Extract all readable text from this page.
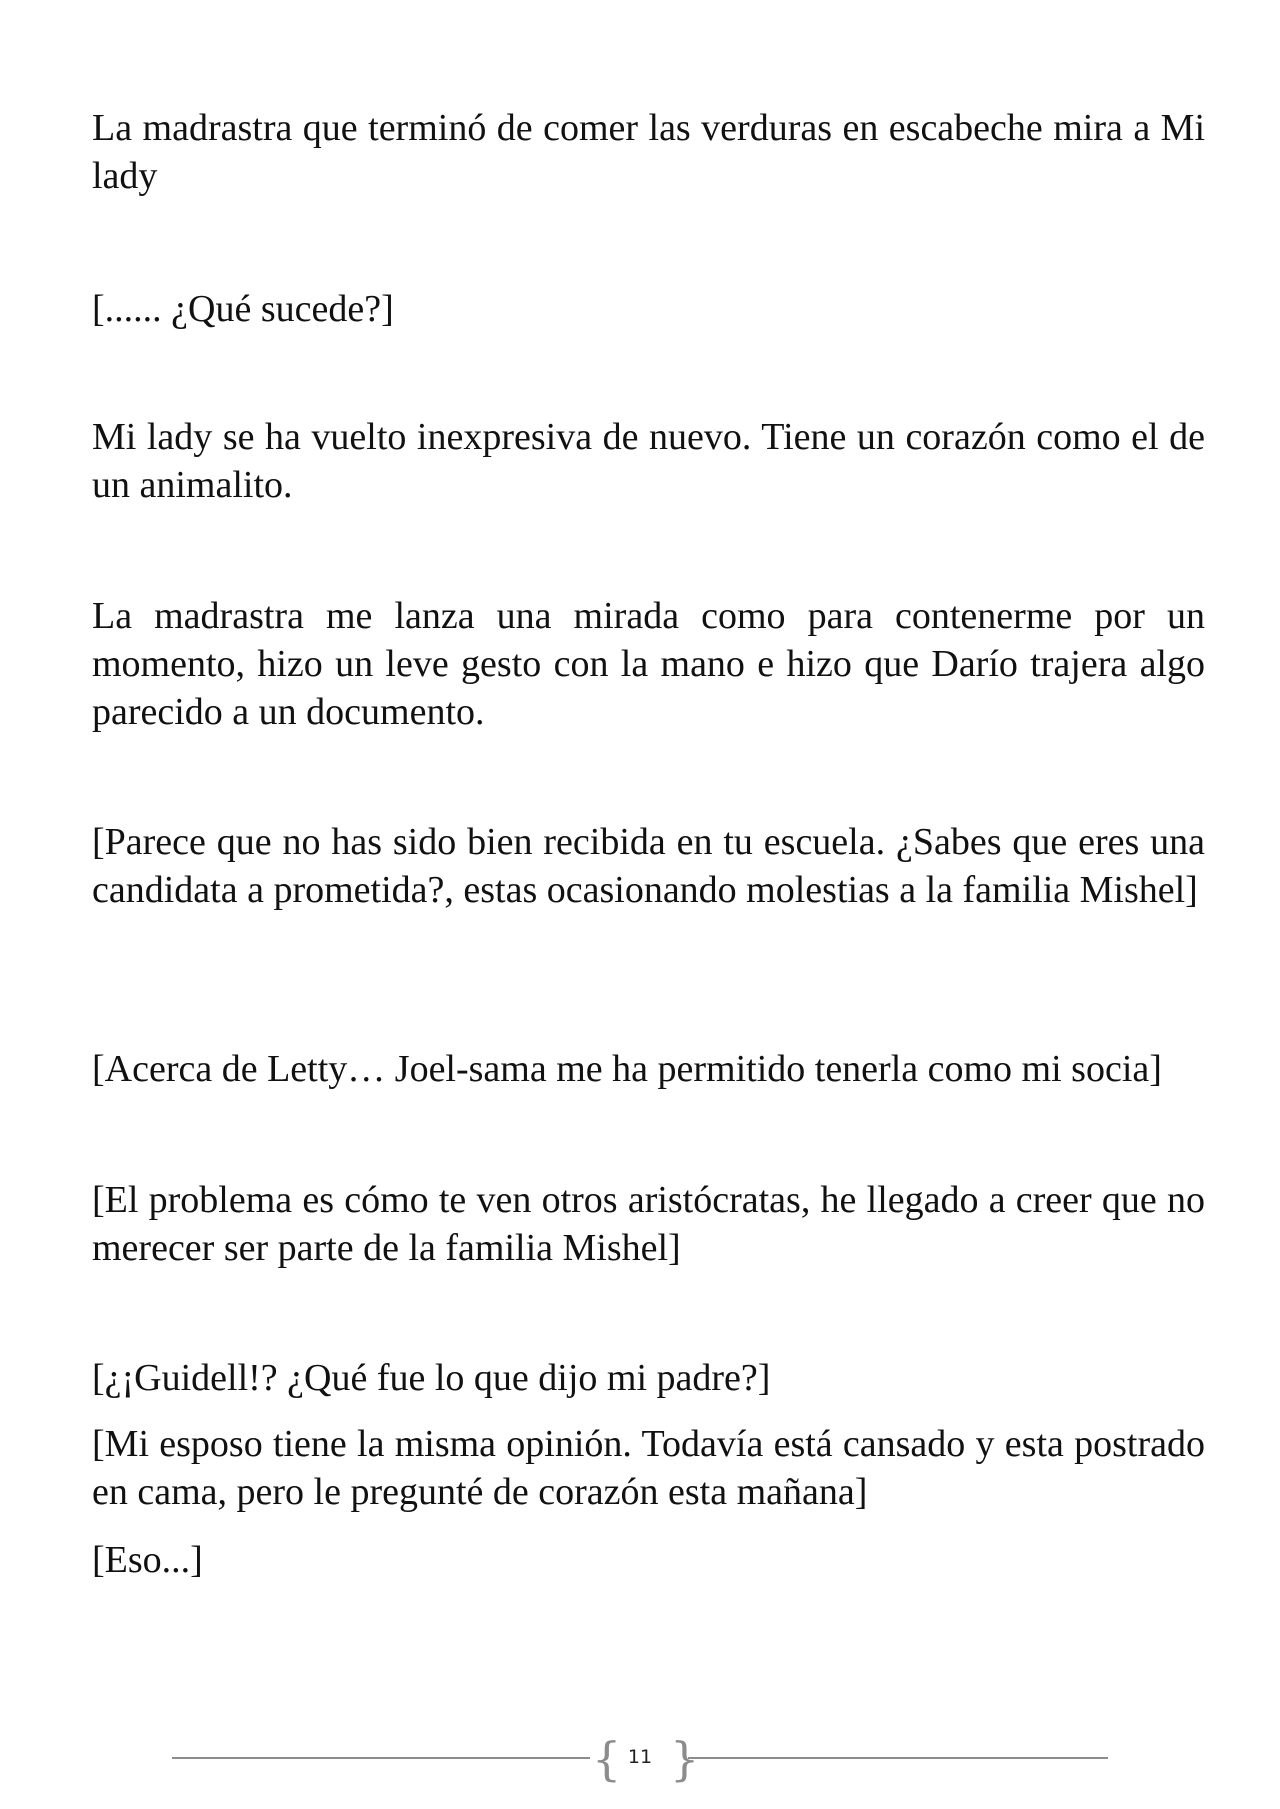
La madrastra que terminó de comer las verduras en escabeche mira a Mi lady

[...... ¿Qué sucede?]

Mi lady se ha vuelto inexpresiva de nuevo. Tiene un corazón como el de un animalito.

La madrastra me lanza una mirada como para contenerme por un momento, hizo un leve gesto con la mano e hizo que Darío trajera algo parecido a un documento.

[Parece que no has sido bien recibida en tu escuela. ¿Sabes que eres una candidata a prometida?, estas ocasionando molestias a la familia Mishel]

[Acerca de Letty… Joel-sama me ha permitido tenerla como mi socia]

[El problema es cómo te ven otros aristócratas, he llegado a creer que no merecer ser parte de la familia Mishel]

[¿¡Guidell!? ¿Qué fue lo que dijo mi padre?]

[Mi esposo tiene la misma opinión. Todavía está cansado y esta postrado en cama, pero le pregunté de corazón esta mañana]

[Eso...]

{ 11 }
